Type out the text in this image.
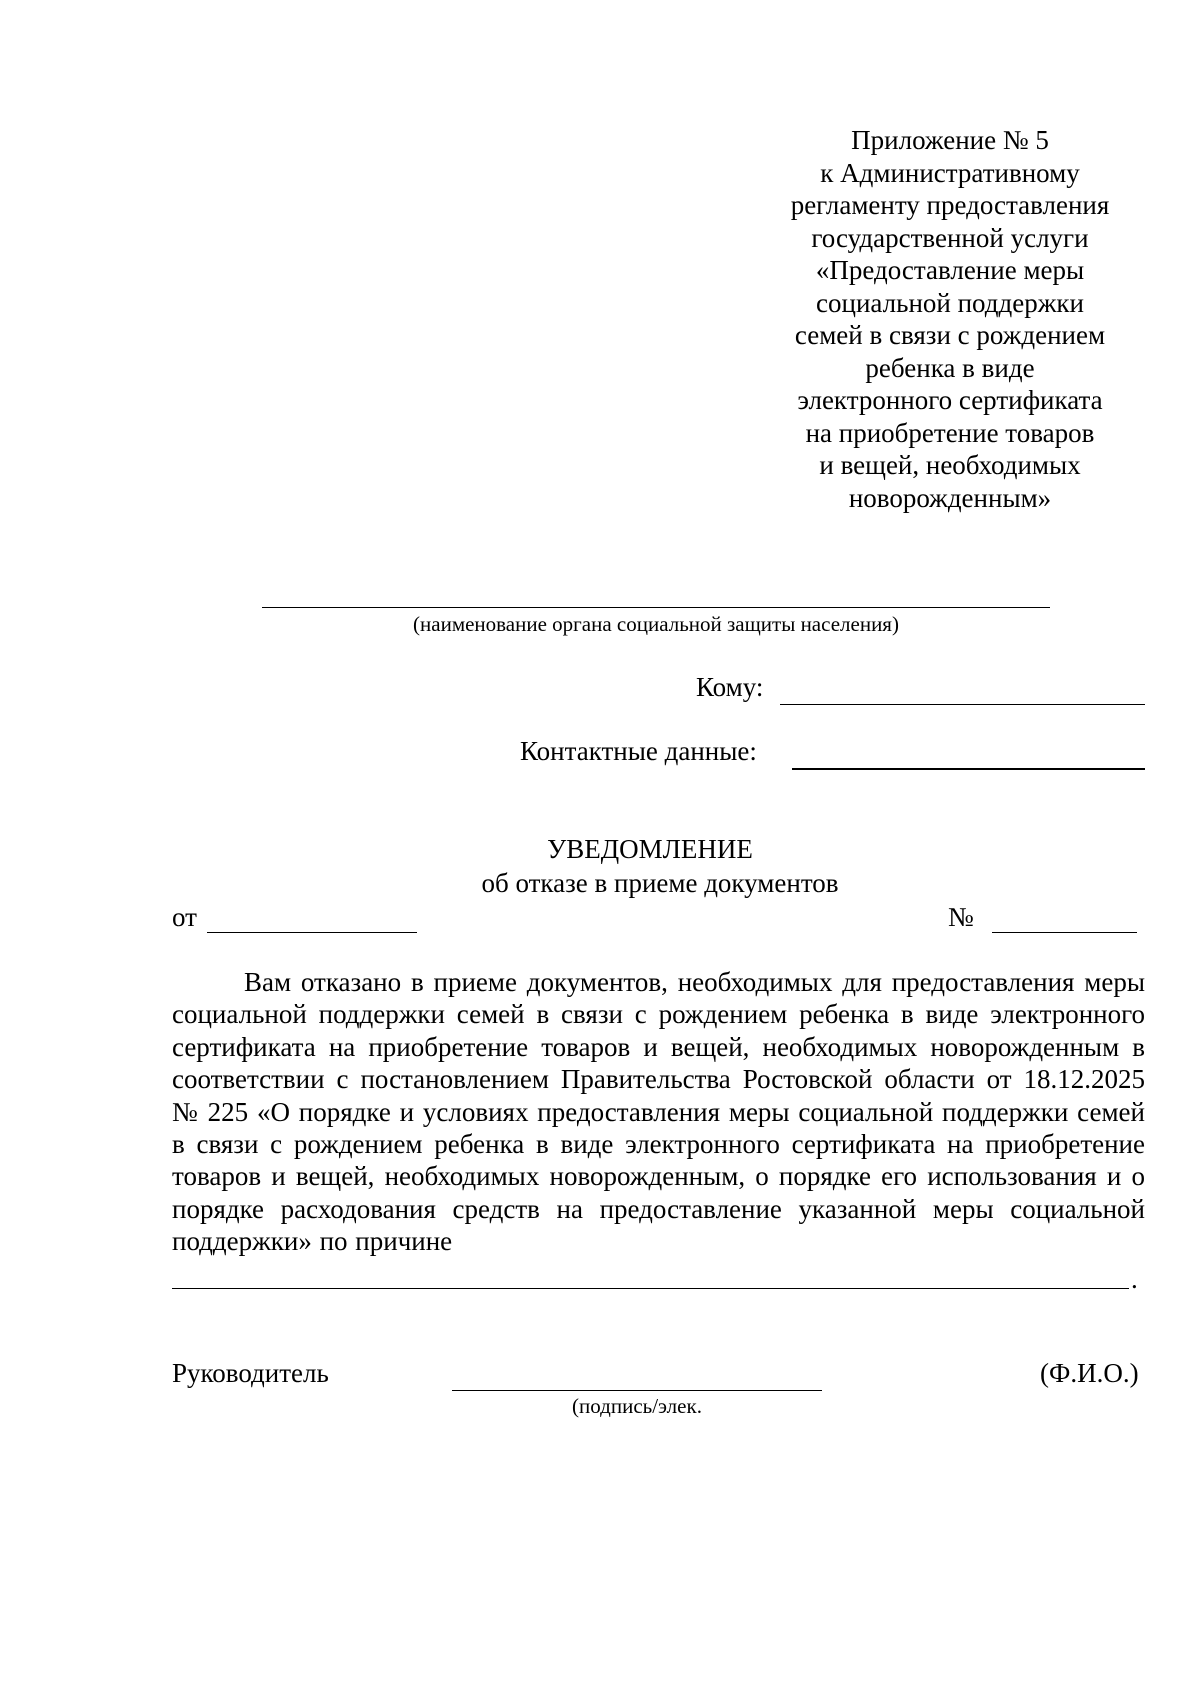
Приложение № 5
к Административному
регламенту предоставления
государственной услуги
«Предоставление меры
социальной поддержки
семей в связи с рождением
ребенка в виде
электронного сертификата
на приобретение товаров
и вещей, необходимых
новорожденным»
(наименование органа социальной защиты населения)
Кому:
Контактные данные:
УВЕДОМЛЕНИЕ
об отказе в приеме документов
от	№
Вам отказано в приеме документов, необходимых для предоставления меры социальной поддержки семей в связи с рождением ребенка в виде электронного сертификата на приобретение товаров и вещей, необходимых новорожденным в соответствии с постановлением Правительства Ростовской области от 18.12.2025 № 225 «О порядке и условиях предоставления меры социальной поддержки семей в связи с рождением ребенка в виде электронного сертификата на приобретение товаров и вещей, необходимых новорожденным, о порядке его использования и о порядке расходования средств на предоставление указанной меры социальной поддержки» по причине
.
Руководитель
(подпись/элек.
(Ф.И.О.)
